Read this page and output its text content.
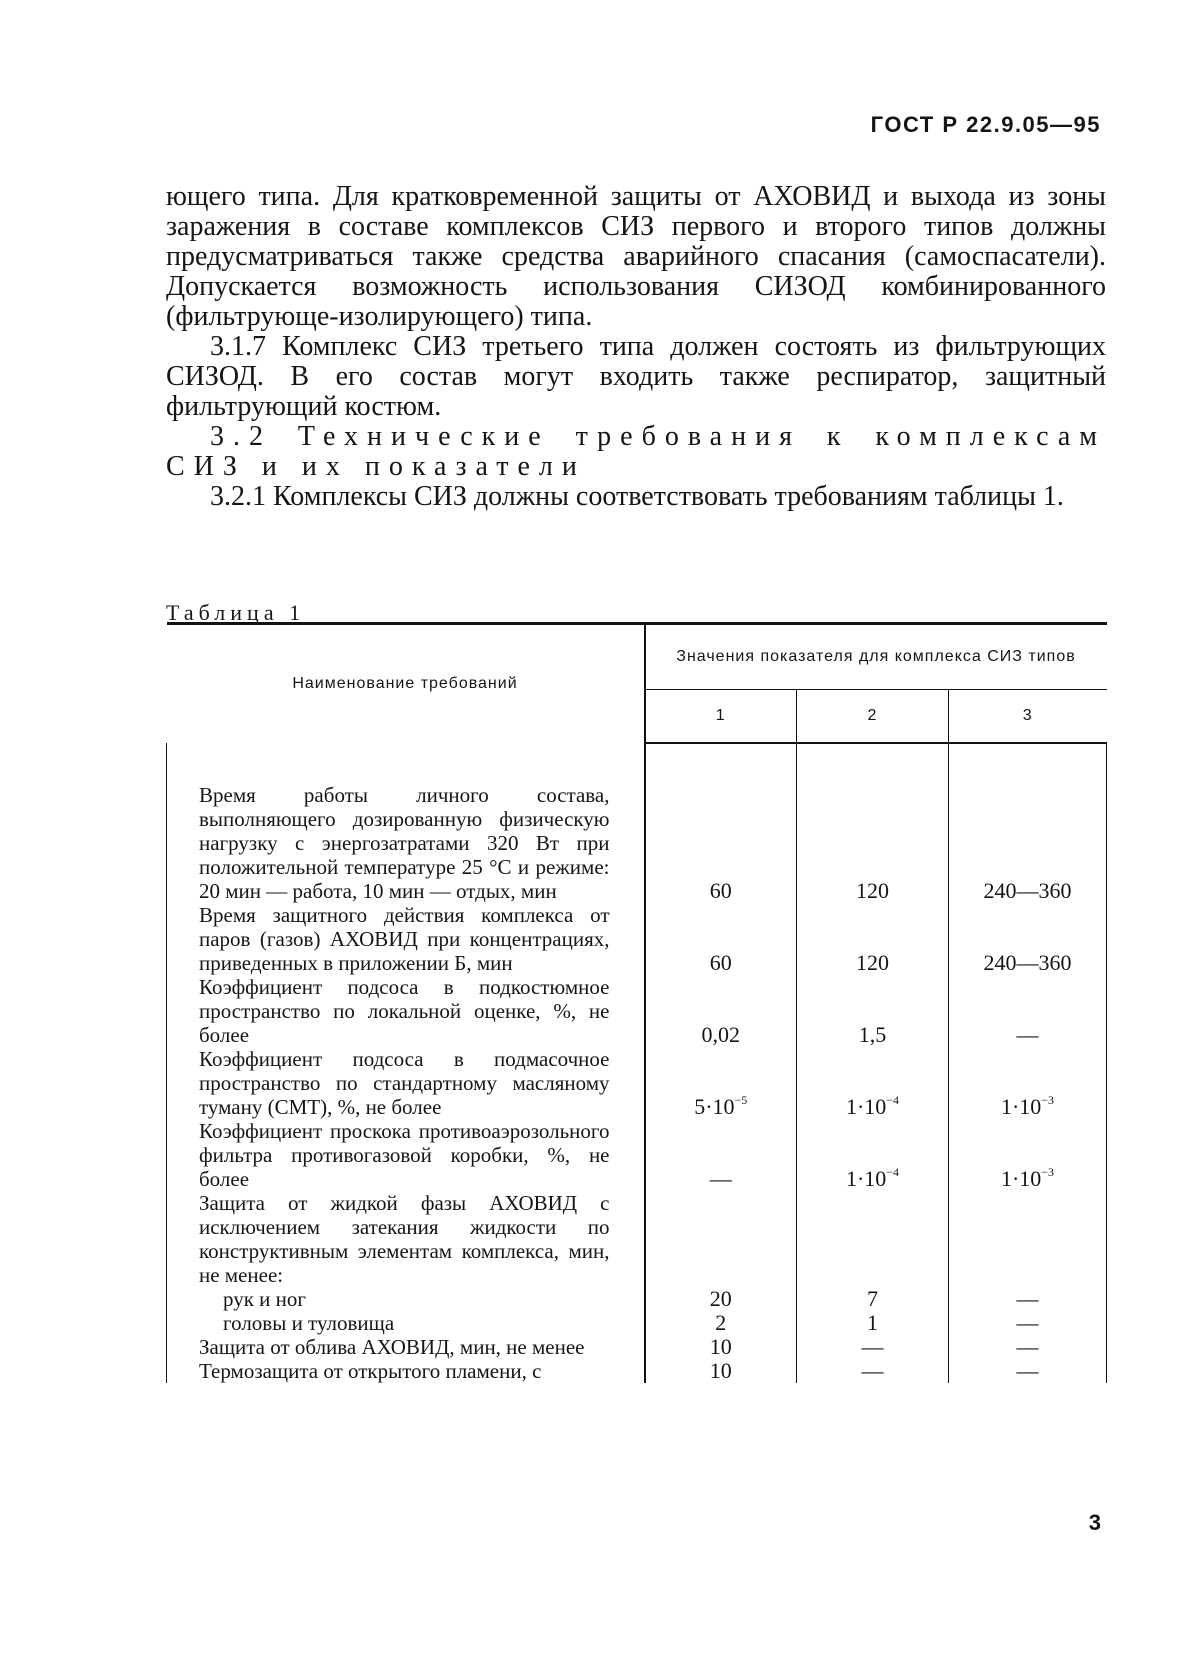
ГОСТ Р 22.9.05—95

ющего типа. Для кратковременной защиты от АХОВИД и выхода из зоны заражения в составе комплексов СИЗ первого и второго типов должны предусматриваться также средства аварийного спасания (самоспасатели). Допускается возможность использования СИЗОД комбинированного (фильтрующе-изолирующего) типа.

3.1.7 Комплекс СИЗ третьего типа должен состоять из фильтрующих СИЗОД. В его состав могут входить также респиратор, защитный фильтрующий костюм.

3.2 Технические требования к комплексам СИЗ и их показатели

3.2.1 Комплексы СИЗ должны соответствовать требованиям таблицы 1.

Таблица 1
Наименование требований	Значения показателя для комплекса СИЗ типов		
	1	2	3

Время работы личного состава, выполняющего дозированную физическую нагрузку с энергозатратами 320 Вт при положительной температуре 25 °С и режиме: 20 мин — работа, 10 мин — отдых, мин	60	120	240—360

Время защитного действия комплекса от паров (газов) АХОВИД при концентрациях, приведенных в приложении Б, мин	60	120	240—360

Коэффициент подсоса в подкостюмное пространство по локальной оценке, %, не более	0,02	1,5	—

Коэффициент подсоса в подмасочное пространство по стандартному масляному туману (СМТ), %, не более	$5\cdot 10^{-5}$	$1\cdot 10^{-4}$	$1\cdot 10^{-3}$

Коэффициент проскока противоаэрозольного фильтра противогазовой коробки, %, не более	—	$1\cdot 10^{-4}$	$1\cdot 10^{-3}$

Защита от жидкой фазы АХОВИД с исключением затекания жидкости по конструктивным элементам комплекса, мин, не менее:			

рук и ног	20	7	—

головы и туловища	2	1	—

Защита от облива АХОВИД, мин, не менее	10	—	—

Термозащита от открытого пламени, с	10	—	—
3
